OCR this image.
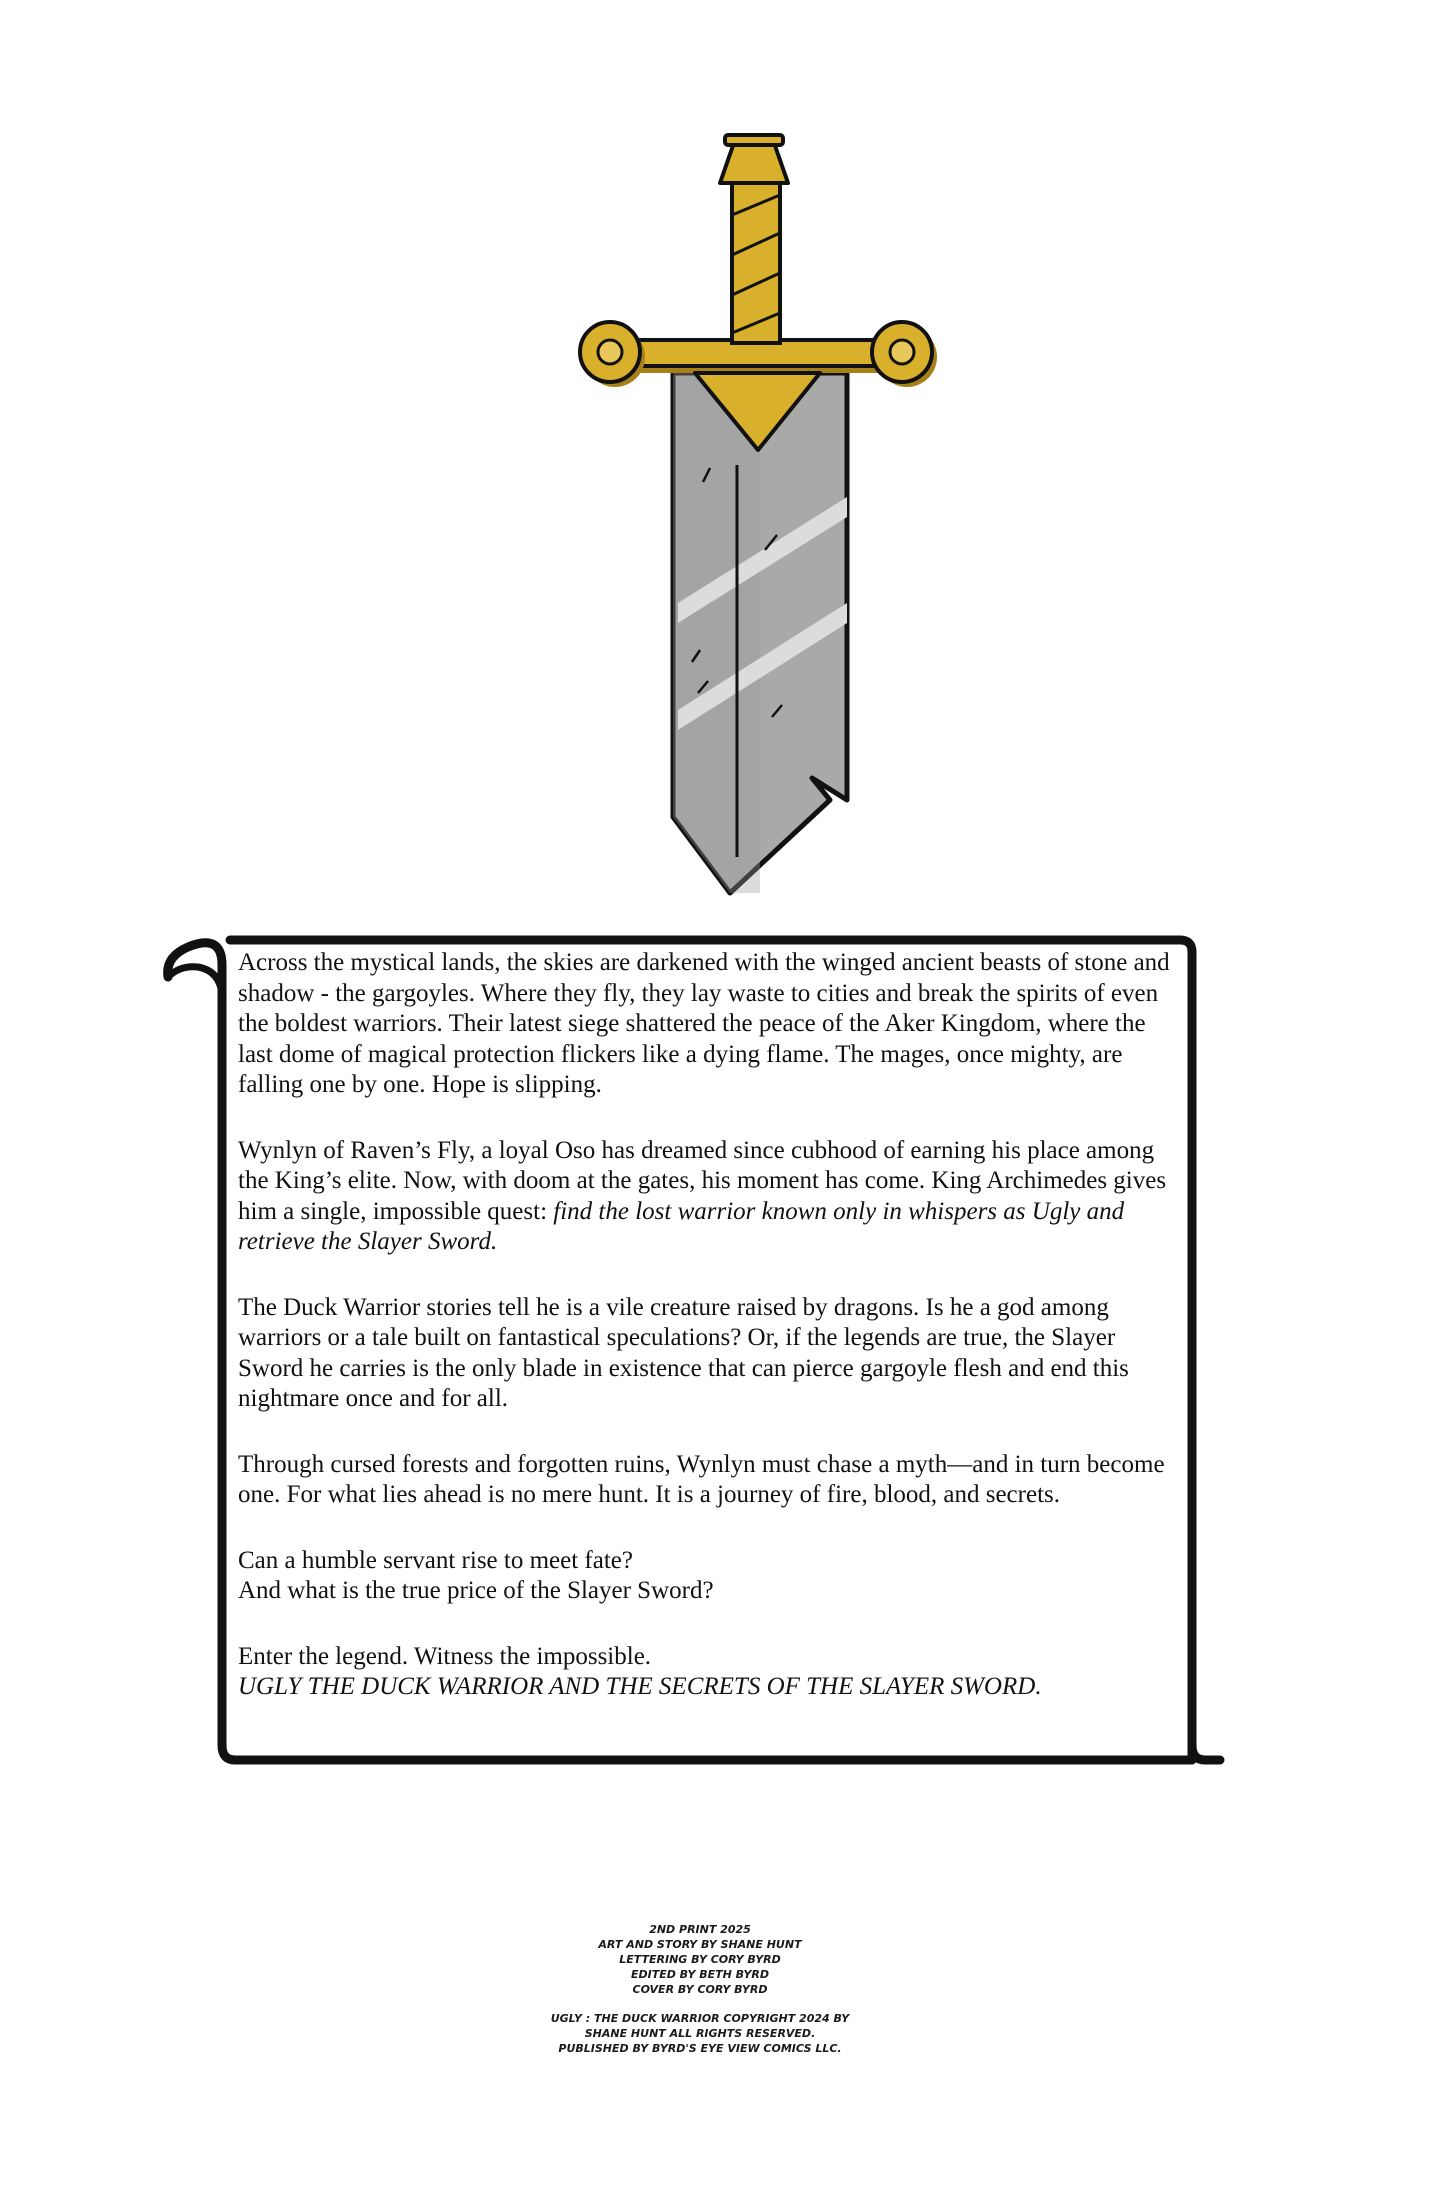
Across the mystical lands, the skies are darkened with the winged ancient beasts of stone and shadow - the gargoyles. Where they fly, they lay waste to cities and break the spirits of even the boldest warriors. Their latest siege shattered the peace of the Aker Kingdom, where the last dome of magical protection flickers like a dying flame. The mages, once mighty, are falling one by one. Hope is slipping.

Wynlyn of Raven’s Fly, a loyal Oso has dreamed since cubhood of earning his place among the King’s elite. Now, with doom at the gates, his moment has come. King Archimedes gives him a single, impossible quest: find the lost warrior known only in whispers as Ugly and retrieve the Slayer Sword.

The Duck Warrior stories tell he is a vile creature raised by dragons. Is he a god among warriors or a tale built on fantastical speculations? Or, if the legends are true, the Slayer Sword he carries is the only blade in existence that can pierce gargoyle flesh and end this nightmare once and for all.

Through cursed forests and forgotten ruins, Wynlyn must chase a myth—and in turn become one. For what lies ahead is no mere hunt. It is a journey of fire, blood, and secrets.

Can a humble servant rise to meet fate?

And what is the true price of the Slayer Sword?

Enter the legend. Witness the impossible.

UGLY THE DUCK WARRIOR AND THE SECRETS OF THE SLAYER SWORD.

2ND PRINT 2025
ART AND STORY BY SHANE HUNT
LETTERING BY CORY BYRD
EDITED BY BETH BYRD
COVER BY CORY BYRD
UGLY : THE DUCK WARRIOR COPYRIGHT 2024 BY
SHANE HUNT ALL RIGHTS RESERVED.
PUBLISHED BY BYRD'S EYE VIEW COMICS LLC.
